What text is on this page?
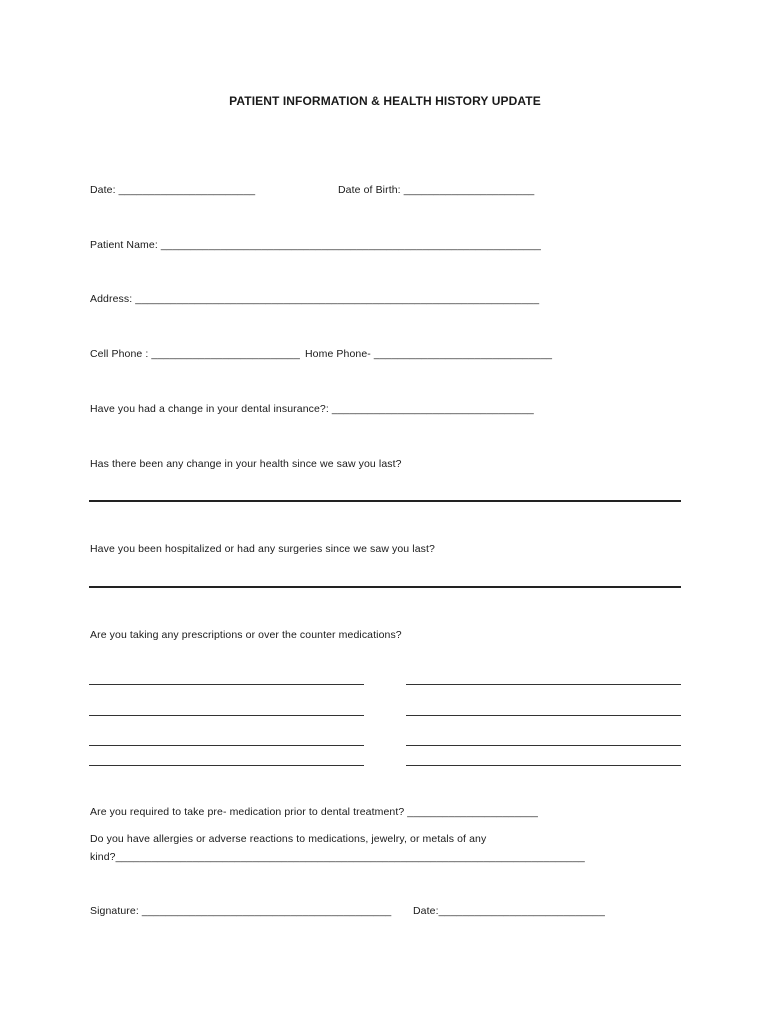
PATIENT INFORMATION & HEALTH HISTORY UPDATE
Date: _______________________	Date of Birth: ______________________
Patient Name: ________________________________________________________________
Address: ____________________________________________________________________
Cell Phone : _________________________ Home Phone- ______________________________
Have you had a change in your dental insurance?: __________________________________
Has there been any change in your health since we saw you last?
Have you been hospitalized or had any surgeries since we saw you last?
Are you taking any prescriptions or over the counter medications?
Are you required to take pre- medication prior to dental treatment? ______________________
Do you have allergies or adverse reactions to medications, jewelry, or metals of any
kind?_______________________________________________________________________________
Signature: __________________________________________ Date:____________________________
